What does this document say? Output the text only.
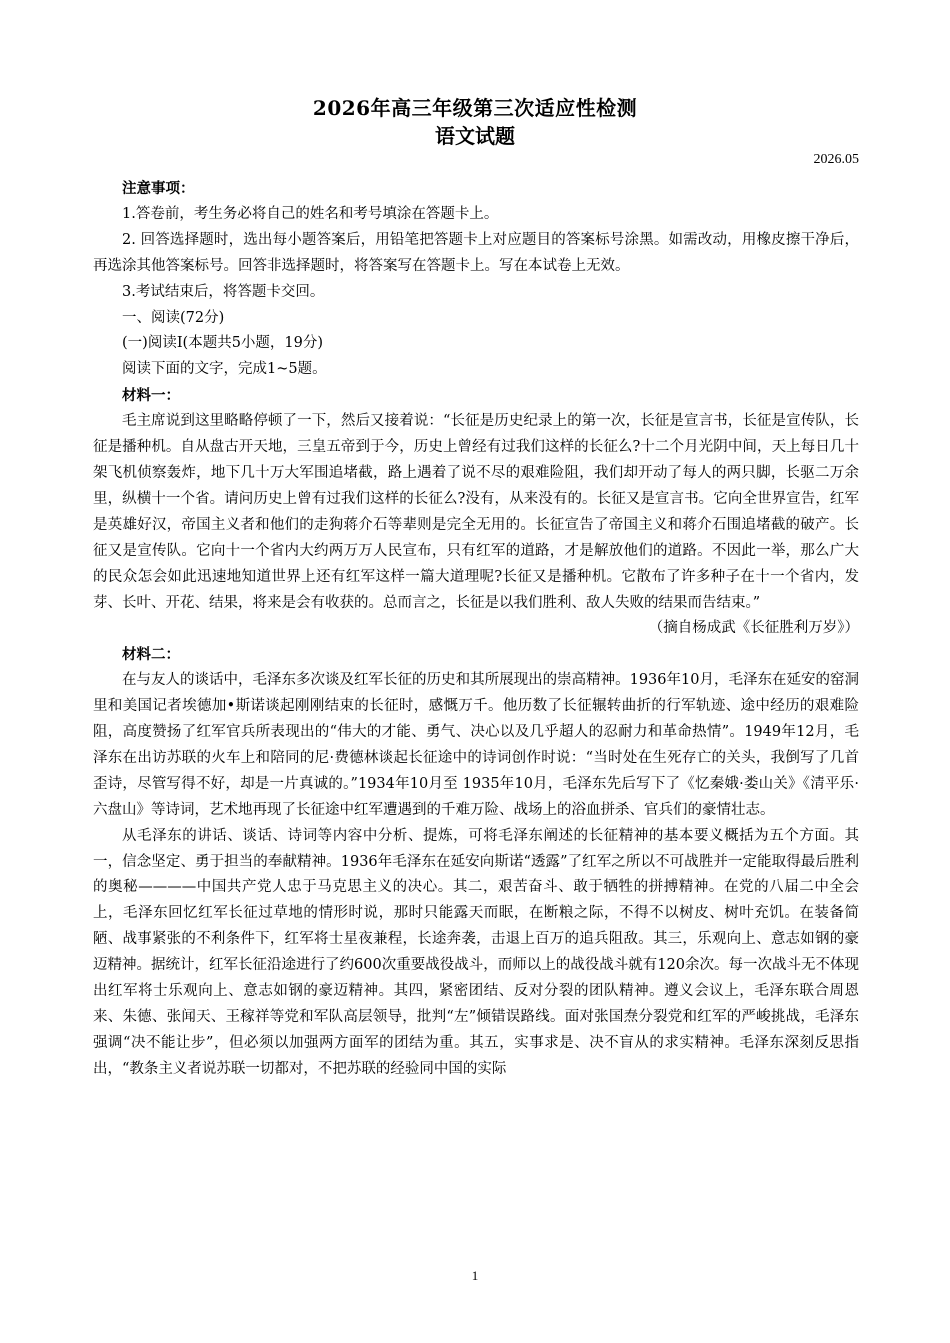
2026年高三年级第三次适应性检测
语文试题
2026.05

注意事项：

1.答卷前，考生务必将自己的姓名和考号填涂在答题卡上。

2. 回答选择题时，选出每小题答案后，用铅笔把答题卡上对应题目的答案标号涂黑。如需改动，用橡皮擦干净后，再选涂其他答案标号。回答非选择题时，将答案写在答题卡上。写在本试卷上无效。

3.考试结束后，将答题卡交回。

一、阅读(72分)

(一)阅读Ⅰ(本题共5小题，19分)

阅读下面的文字，完成1~5题。

材料一：

毛主席说到这里略略停顿了一下，然后又接着说：“长征是历史纪录上的第一次，长征是宣言书，长征是宣传队，长征是播种机。自从盘古开天地，三皇五帝到于今，历史上曾经有过我们这样的长征么?十二个月光阴中间，天上每日几十架飞机侦察轰炸，地下几十万大军围追堵截，路上遇着了说不尽的艰难险阻，我们却开动了每人的两只脚，长驱二万余里，纵横十一个省。请问历史上曾有过我们这样的长征么?没有，从来没有的。长征又是宣言书。它向全世界宣告，红军是英雄好汉，帝国主义者和他们的走狗蒋介石等辈则是完全无用的。长征宣告了帝国主义和蒋介石围追堵截的破产。长征又是宣传队。它向十一个省内大约两万万人民宣布，只有红军的道路，才是解放他们的道路。不因此一举，那么广大的民众怎会如此迅速地知道世界上还有红军这样一篇大道理呢?长征又是播种机。它散布了许多种子在十一个省内，发芽、长叶、开花、结果，将来是会有收获的。总而言之，长征是以我们胜利、敌人失败的结果而告结束。”

（摘自杨成武《长征胜利万岁》）

材料二：

在与友人的谈话中，毛泽东多次谈及红军长征的历史和其所展现出的崇高精神。1936年10月，毛泽东在延安的窑洞里和美国记者埃德加•斯诺谈起刚刚结束的长征时，感慨万千。他历数了长征辗转曲折的行军轨迹、途中经历的艰难险阻，高度赞扬了红军官兵所表现出的“伟大的才能、勇气、决心以及几乎超人的忍耐力和革命热情”。1949年12月，毛泽东在出访苏联的火车上和陪同的尼·费德林谈起长征途中的诗词创作时说：“当时处在生死存亡的关头，我倒写了几首歪诗，尽管写得不好，却是一片真诚的。”1934年10月至 1935年10月，毛泽东先后写下了《忆秦娥·娄山关》《清平乐·六盘山》等诗词，艺术地再现了长征途中红军遭遇到的千难万险、战场上的浴血拼杀、官兵们的豪情壮志。

从毛泽东的讲话、谈话、诗词等内容中分析、提炼，可将毛泽东阐述的长征精神的基本要义概括为五个方面。其一，信念坚定、勇于担当的奉献精神。1936年毛泽东在延安向斯诺“透露”了红军之所以不可战胜并一定能取得最后胜利的奥秘————中国共产党人忠于马克思主义的决心。其二，艰苦奋斗、敢于牺牲的拼搏精神。在党的八届二中全会上，毛泽东回忆红军长征过草地的情形时说，那时只能露天而眠，在断粮之际，不得不以树皮、树叶充饥。在装备简陋、战事紧张的不利条件下，红军将士星夜兼程，长途奔袭，击退上百万的追兵阻敌。其三，乐观向上、意志如钢的豪迈精神。据统计，红军长征沿途进行了约600次重要战役战斗，而师以上的战役战斗就有120余次。每一次战斗无不体现出红军将士乐观向上、意志如钢的豪迈精神。其四，紧密团结、反对分裂的团队精神。遵义会议上，毛泽东联合周恩来、朱德、张闻天、王稼祥等党和军队高层领导，批判“左”倾错误路线。面对张国焘分裂党和红军的严峻挑战，毛泽东强调“决不能让步”，但必须以加强两方面军的团结为重。其五，实事求是、决不盲从的求实精神。毛泽东深刻反思指出，“教条主义者说苏联一切都对，不把苏联的经验同中国的实际

1
